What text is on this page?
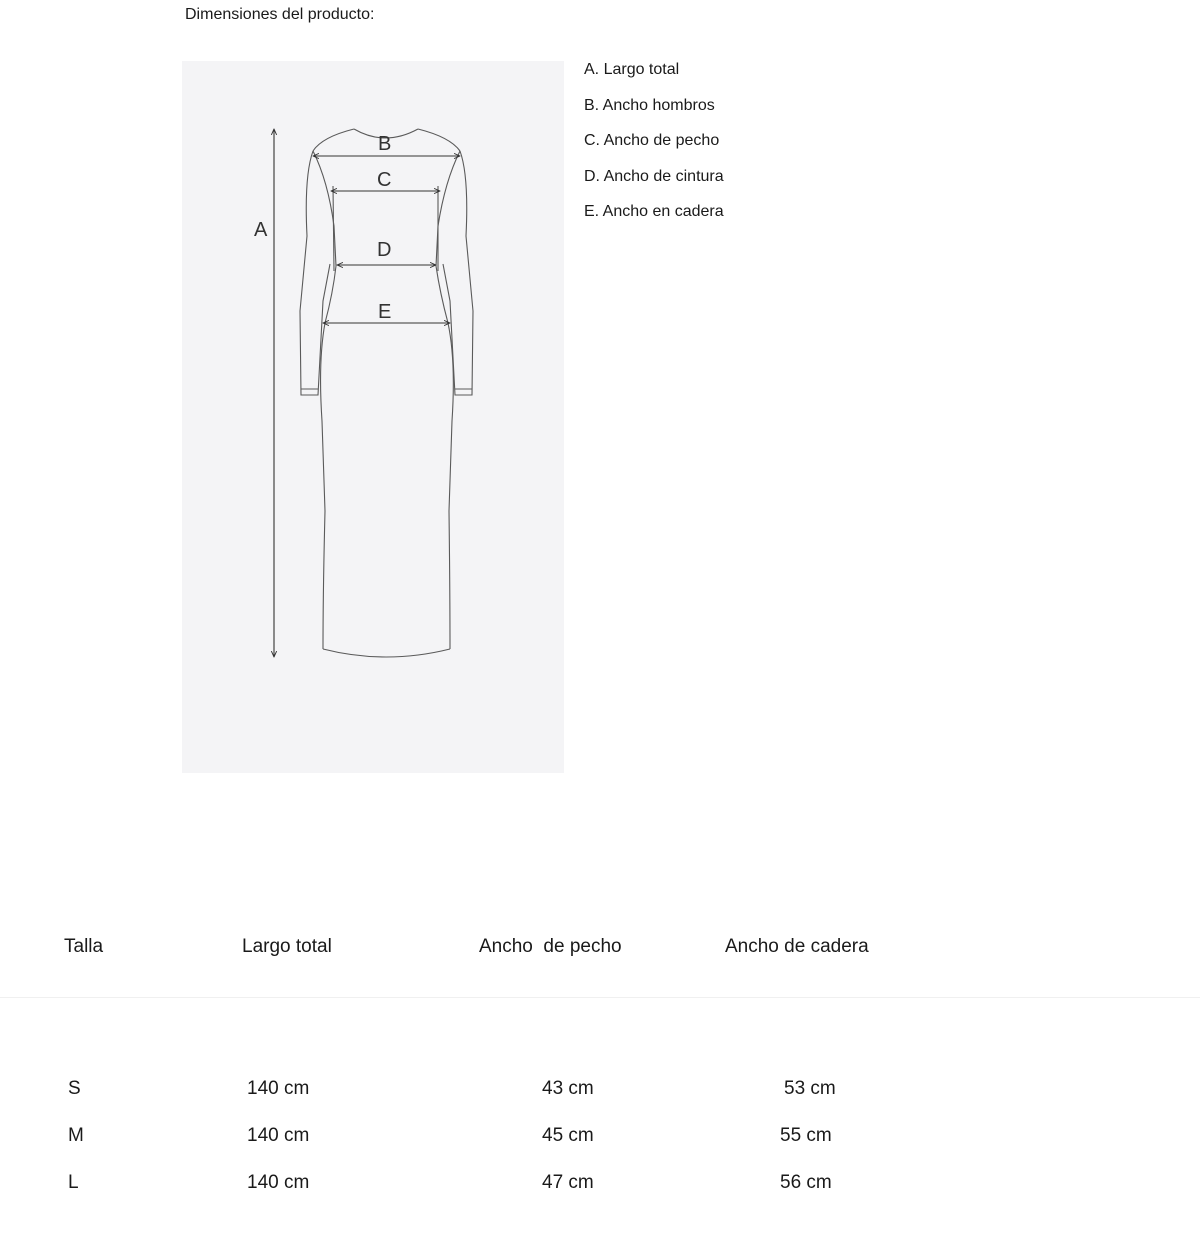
Dimensiones del producto:
A
B
C
D
E
A. Largo total
B. Ancho hombros
C. Ancho de pecho
D. Ancho de cintura
E. Ancho en cadera
Talla	Largo total	Ancho  de pecho	Ancho de cadera
S	140 cm	43 cm	53 cm
M	140 cm	45 cm	55 cm
L	140 cm	47 cm	56 cm
